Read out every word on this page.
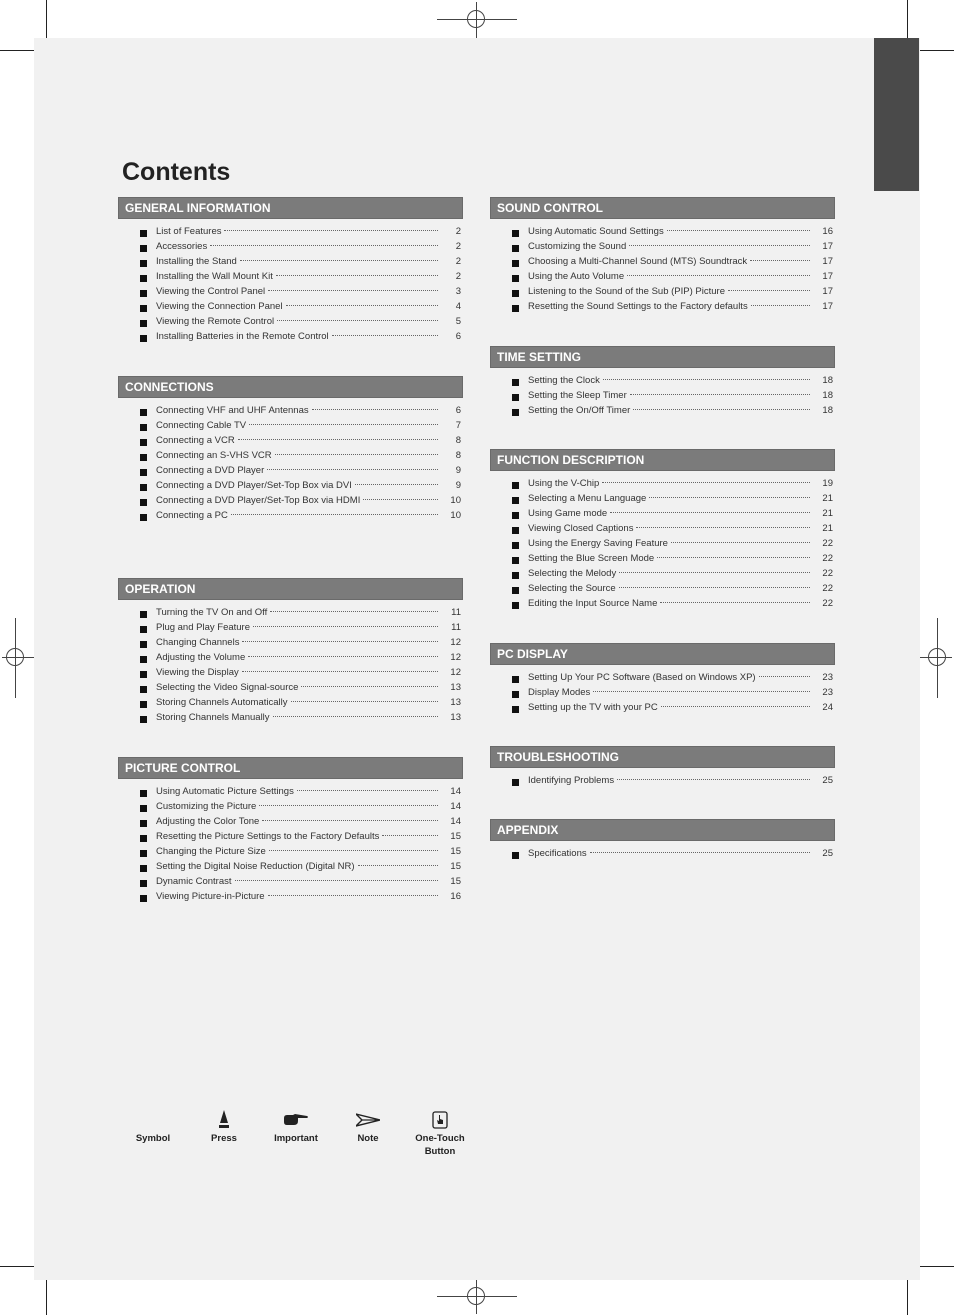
Contents
GENERAL INFORMATION
List of Features	2
Accessories	2
Installing the Stand	2
Installing the Wall Mount Kit	2
Viewing the Control Panel	3
Viewing the Connection Panel	4
Viewing the Remote Control	5
Installing Batteries in the Remote Control	6
CONNECTIONS
Connecting VHF and UHF Antennas	6
Connecting Cable TV	7
Connecting a VCR	8
Connecting an S-VHS VCR	8
Connecting a DVD Player	9
Connecting a DVD Player/Set-Top Box via DVI	9
Connecting a DVD Player/Set-Top Box via HDMI	10
Connecting a PC	10
OPERATION
Turning the TV On and Off	11
Plug and Play Feature	11
Changing Channels	12
Adjusting the Volume	12
Viewing the Display	12
Selecting the Video Signal-source	13
Storing Channels Automatically	13
Storing Channels Manually	13
PICTURE CONTROL
Using Automatic Picture Settings	14
Customizing the Picture	14
Adjusting the Color Tone	14
Resetting the Picture Settings to the Factory Defaults	15
Changing the Picture Size	15
Setting the Digital Noise Reduction (Digital NR)	15
Dynamic Contrast	15
Viewing Picture-in-Picture	16
SOUND CONTROL
Using Automatic Sound Settings	16
Customizing the Sound	17
Choosing a Multi-Channel Sound (MTS) Soundtrack	17
Using the Auto Volume	17
Listening to the Sound of the Sub (PIP) Picture	17
Resetting the Sound Settings to the Factory defaults	17
TIME SETTING
Setting the Clock	18
Setting the Sleep Timer	18
Setting the On/Off Timer	18
FUNCTION DESCRIPTION
Using the V-Chip	19
Selecting a Menu Language	21
Using Game mode	21
Viewing Closed Captions	21
Using the Energy Saving Feature	22
Setting the Blue Screen Mode	22
Selecting the Melody	22
Selecting the Source	22
Editing the Input Source Name	22
PC DISPLAY
Setting Up Your PC Software (Based on Windows XP)	23
Display Modes	23
Setting up the TV with your PC	24
TROUBLESHOOTING
Identifying Problems	25
APPENDIX
Specifications	25
Symbol	Press	Important	Note	One-Touch
Button
